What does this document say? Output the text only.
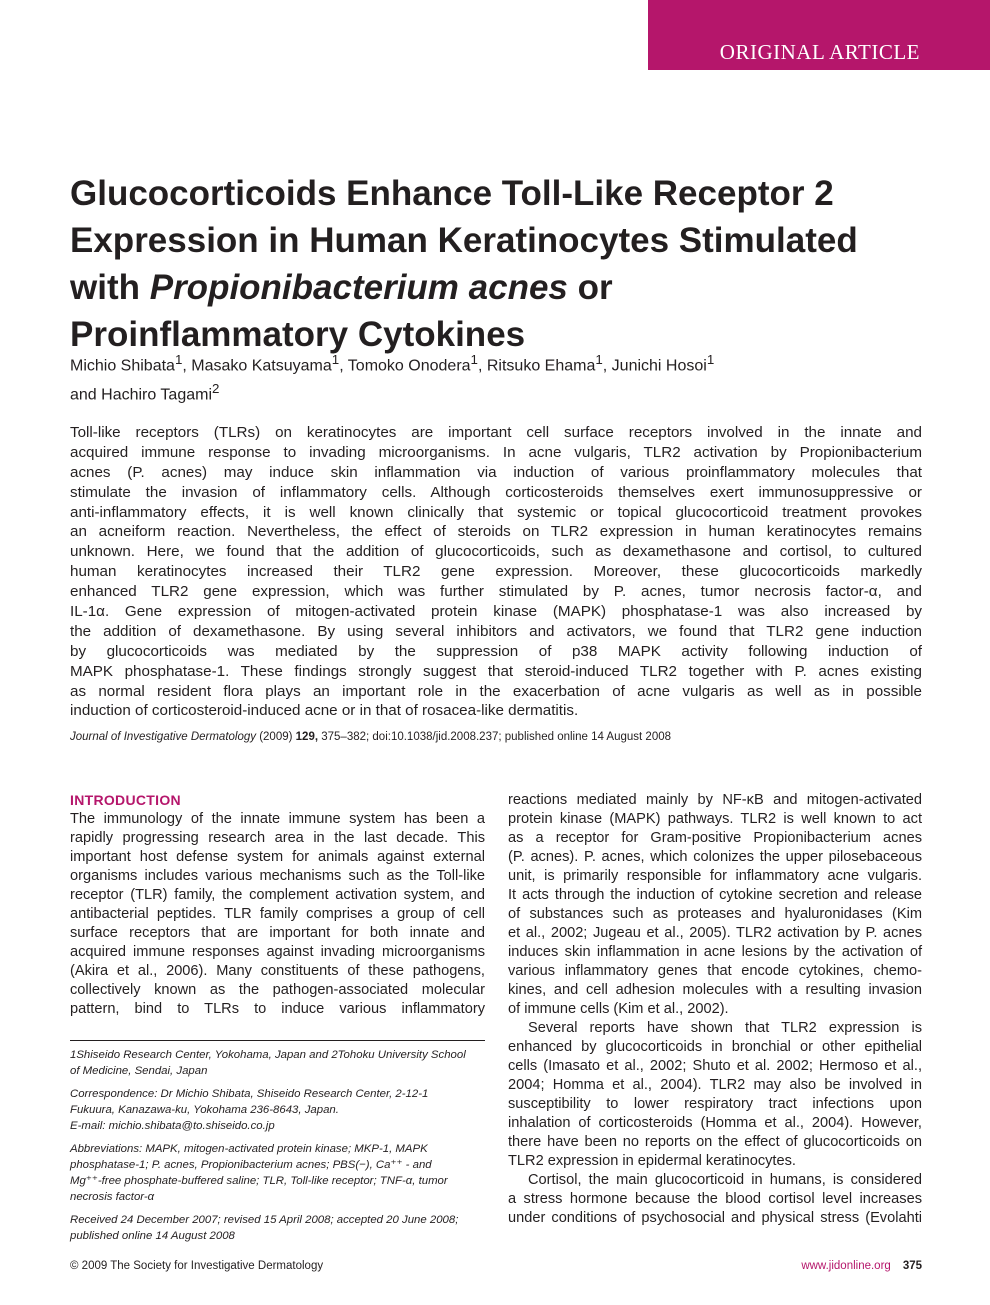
ORIGINAL ARTICLE
Glucocorticoids Enhance Toll-Like Receptor 2
Expression in Human Keratinocytes Stimulated
with Propionibacterium acnes or
Proinflammatory Cytokines
Michio Shibata$^1$, Masako Katsuyama$^1$, Tomoko Onodera$^1$, Ritsuko Ehama$^1$, Junichi Hosoi$^1$
and Hachiro Tagami$^2$
Toll-like receptors (TLRs) on keratinocytes are important cell surface receptors involved in the innate and
acquired immune response to invading microorganisms. In acne vulgaris, TLR2 activation by Propionibacterium
acnes (P. acnes) may induce skin inflammation via induction of various proinflammatory molecules that
stimulate the invasion of inflammatory cells. Although corticosteroids themselves exert immunosuppressive or
anti-inflammatory effects, it is well known clinically that systemic or topical glucocorticoid treatment provokes
an acneiform reaction. Nevertheless, the effect of steroids on TLR2 expression in human keratinocytes remains
unknown. Here, we found that the addition of glucocorticoids, such as dexamethasone and cortisol, to cultured
human keratinocytes increased their TLR2 gene expression. Moreover, these glucocorticoids markedly
enhanced TLR2 gene expression, which was further stimulated by P. acnes, tumor necrosis factor-α, and
IL-1α. Gene expression of mitogen-activated protein kinase (MAPK) phosphatase-1 was also increased by
the addition of dexamethasone. By using several inhibitors and activators, we found that TLR2 gene induction
by glucocorticoids was mediated by the suppression of p38 MAPK activity following induction of
MAPK phosphatase-1. These findings strongly suggest that steroid-induced TLR2 together with P. acnes existing
as normal resident flora plays an important role in the exacerbation of acne vulgaris as well as in possible
induction of corticosteroid-induced acne or in that of rosacea-like dermatitis.
Journal of Investigative Dermatology (2009) 129, 375–382; doi:10.1038/jid.2008.237; published online 14 August 2008
INTRODUCTION
The immunology of the innate immune system has been a
rapidly progressing research area in the last decade. This
important host defense system for animals against external
organisms includes various mechanisms such as the Toll-like
receptor (TLR) family, the complement activation system, and
antibacterial peptides. TLR family comprises a group of cell
surface receptors that are important for both innate and
acquired immune responses against invading microorganisms
(Akira et al., 2006). Many constituents of these pathogens,
collectively known as the pathogen-associated molecular
pattern, bind to TLRs to induce various inflammatory
reactions mediated mainly by NF-κB and mitogen-activated
protein kinase (MAPK) pathways. TLR2 is well known to act
as a receptor for Gram-positive Propionibacterium acnes
(P. acnes). P. acnes, which colonizes the upper pilosebaceous
unit, is primarily responsible for inflammatory acne vulgaris.
It acts through the induction of cytokine secretion and release
of substances such as proteases and hyaluronidases (Kim
et al., 2002; Jugeau et al., 2005). TLR2 activation by P. acnes
induces skin inflammation in acne lesions by the activation of
various inflammatory genes that encode cytokines, chemo-
kines, and cell adhesion molecules with a resulting invasion
of immune cells (Kim et al., 2002).
Several reports have shown that TLR2 expression is
enhanced by glucocorticoids in bronchial or other epithelial
cells (Imasato et al., 2002; Shuto et al. 2002; Hermoso et al.,
2004; Homma et al., 2004). TLR2 may also be involved in
susceptibility to lower respiratory tract infections upon
inhalation of corticosteroids (Homma et al., 2004). However,
there have been no reports on the effect of glucocorticoids on
TLR2 expression in epidermal keratinocytes.
Cortisol, the main glucocorticoid in humans, is considered
a stress hormone because the blood cortisol level increases
under conditions of psychosocial and physical stress (Evolahti
1Shiseido Research Center, Yokohama, Japan and 2Tohoku University School
of Medicine, Sendai, Japan
Correspondence: Dr Michio Shibata, Shiseido Research Center, 2-12-1
Fukuura, Kanazawa-ku, Yokohama 236-8643, Japan.
E-mail: michio.shibata@to.shiseido.co.jp
Abbreviations: MAPK, mitogen-activated protein kinase; MKP-1, MAPK
phosphatase-1; P. acnes, Propionibacterium acnes; PBS(−), Ca⁺⁺ - and
Mg⁺⁺-free phosphate-buffered saline; TLR, Toll-like receptor; TNF-α, tumor
necrosis factor-α
Received 24 December 2007; revised 15 April 2008; accepted 20 June 2008;
published online 14 August 2008
© 2009 The Society for Investigative Dermatology	www.jidonline.org 375
